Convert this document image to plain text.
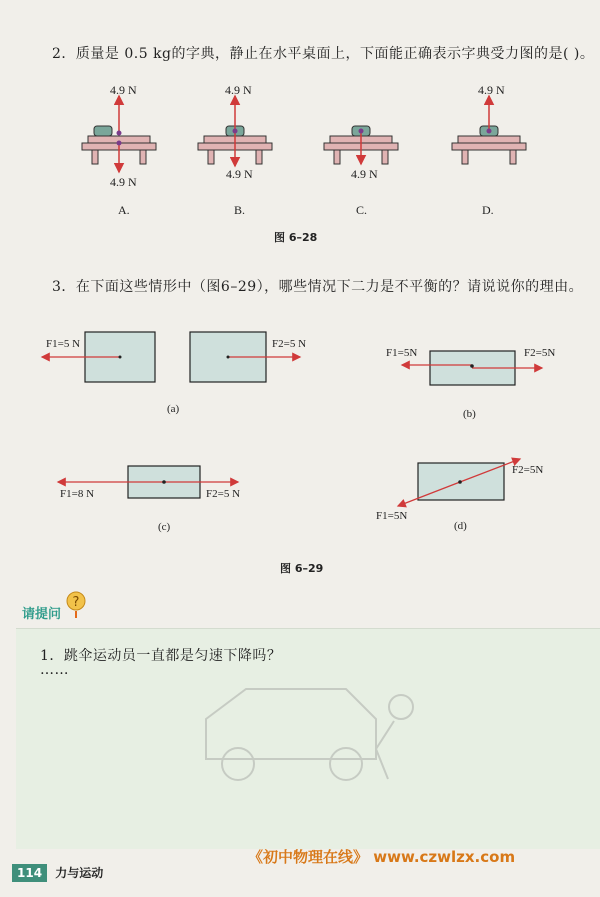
2．质量是 0.5 kg的字典，静止在水平桌面上，下面能正确表示字典受力图的是( )。
?
4.9 N
4.9 N
4.9 N
4.9 N	4.9 N
4.9 N
A.	B.	C.	D.
图 6–28
3．在下面这些情形中（图6–29），哪些情况下二力是不平衡的？请说说你的理由。
F1=5 N	F2=5 N
(a)
F1=5N	F2=5N
(b)
F1=8 N	F2=5 N
(c)
F1=5N
F2=5N
(d)
图 6–29
请提问
1．跳伞运动员一直都是匀速下降吗？
……
《初中物理在线》 www.czwlzx.com
114 力与运动
